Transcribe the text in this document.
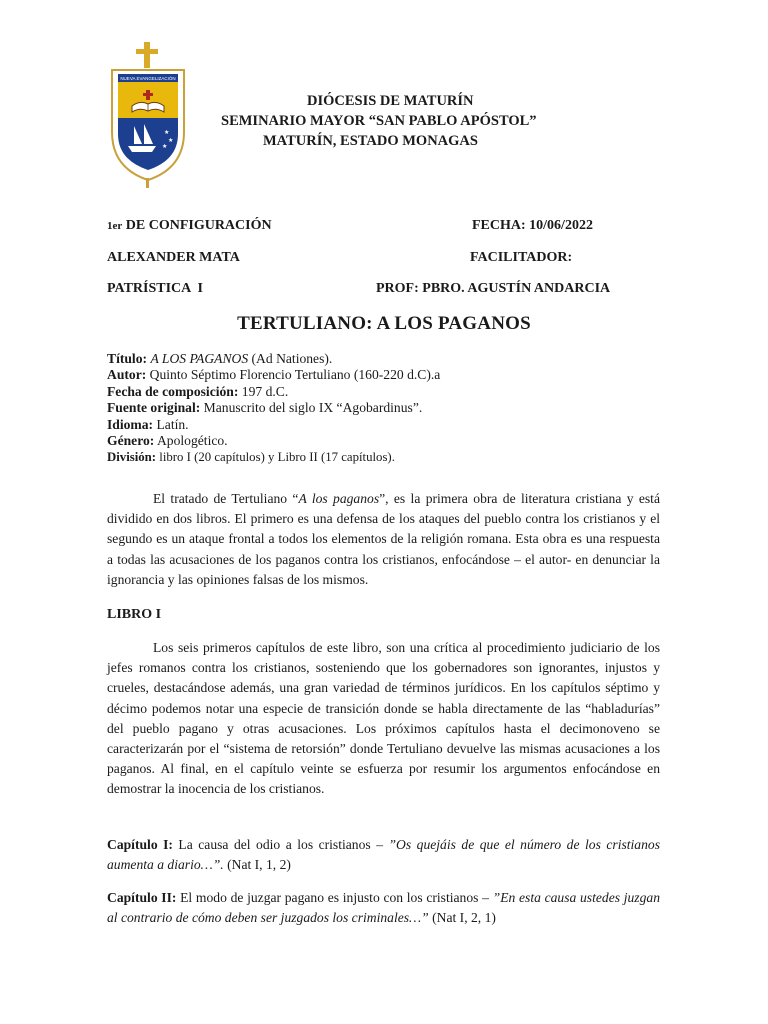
NUEVA EVANGELIZACIÓN
★
★
★
DIÓCESIS DE MATURÍN
SEMINARIO MAYOR “SAN PABLO APÓSTOL”
MATURÍN, ESTADO MONAGAS
1er DE CONFIGURACIÓN	FECHA: 10/06/2022
ALEXANDER MATA	FACILITADOR:
PATRÍSTICA  I	PROF: PBRO. AGUSTÍN ANDARCIA
TERTULIANO: A LOS PAGANOS
Título: A LOS PAGANOS (Ad Nationes).
Autor: Quinto Séptimo Florencio Tertuliano (160-220 d.C).a
Fecha de composición: 197 d.C.
Fuente original: Manuscrito del siglo IX “Agobardinus”.
Idioma: Latín.
Género: Apologético.
División: libro I (20 capítulos) y Libro II (17 capítulos).
El tratado de Tertuliano “A los paganos”, es la primera obra de literatura cristiana y está dividido en dos libros. El primero es una defensa de los ataques del pueblo contra los cristianos y el segundo es un ataque frontal a todos los elementos de la religión romana. Esta obra es una respuesta a todas las acusaciones de los paganos contra los cristianos, enfocándose – el autor- en denunciar la ignorancia y las opiniones falsas de los mismos.
LIBRO I
Los seis primeros capítulos de este libro, son una crítica al procedimiento judiciario de los jefes romanos contra los cristianos, sosteniendo que los gobernadores son ignorantes, injustos y crueles, destacándose además, una gran variedad de términos jurídicos. En los capítulos séptimo y décimo podemos notar una especie de transición donde se habla directamente de las “habladurías” del pueblo pagano y otras acusaciones. Los próximos capítulos hasta el decimonoveno se caracterizarán por el “sistema de retorsión” donde Tertuliano devuelve las mismas acusaciones a los paganos. Al final, en el capítulo veinte se esfuerza por resumir los argumentos enfocándose en demostrar la inocencia de los cristianos.
Capítulo I: La causa del odio a los cristianos – ”Os quejáis de que el número de los cristianos aumenta a diario…”. (Nat I, 1, 2)
Capítulo II: El modo de juzgar pagano es injusto con los cristianos – ”En esta causa ustedes juzgan al contrario de cómo deben ser juzgados los criminales…” (Nat I, 2, 1)
